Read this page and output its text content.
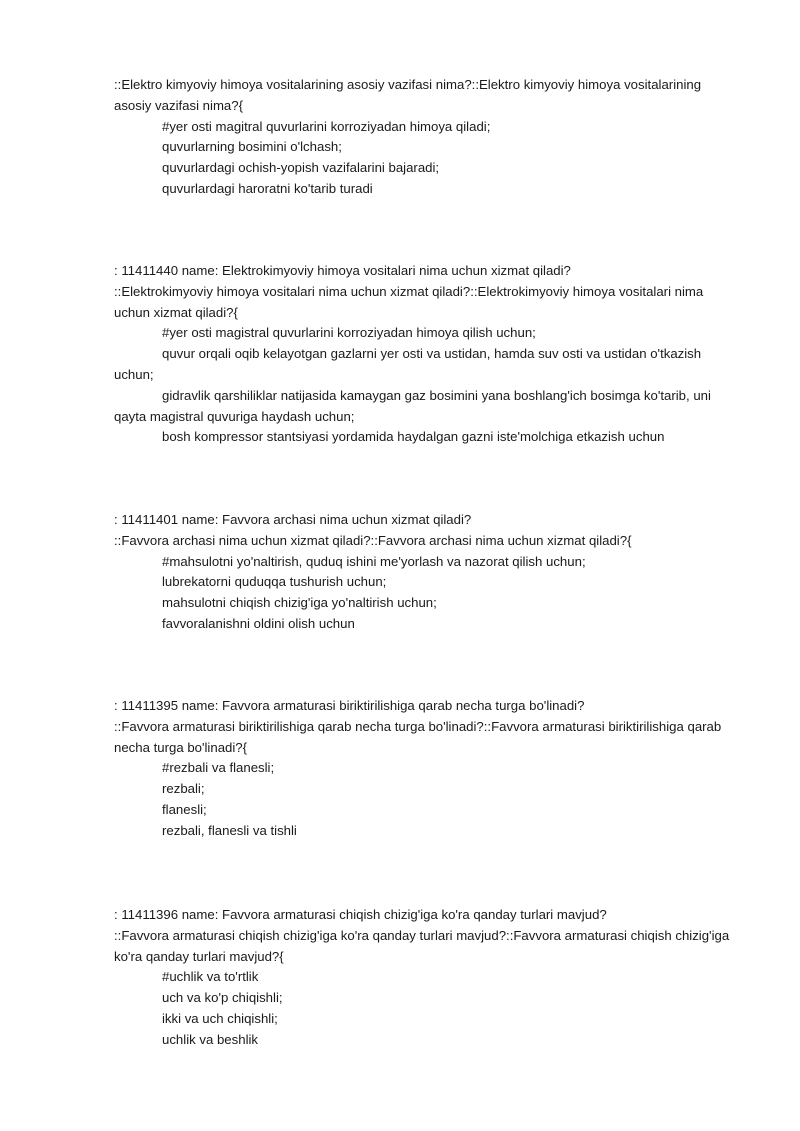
::Elektro kimyoviy himoya vositalarining asosiy vazifasi nima?::Elektro kimyoviy himoya vositalarining asosiy vazifasi nima?{
#yer osti magitral quvurlarini korroziyadan himoya qiladi;
quvurlarning bosimini o'lchash;
quvurlardagi ochish-yopish vazifalarini bajaradi;
quvurlardagi haroratni ko'tarib turadi
: 11411440 name: Elektrokimyoviy himoya vositalari nima uchun xizmat qiladi?
::Elektrokimyoviy himoya vositalari nima uchun xizmat qiladi?::Elektrokimyoviy himoya vositalari nima uchun xizmat qiladi?{
#yer osti magistral quvurlarini korroziyadan himoya qilish uchun;
quvur orqali oqib kelayotgan gazlarni yer osti va ustidan, hamda suv osti va ustidan o'tkazish uchun;
gidravlik qarshiliklar natijasida kamaygan gaz bosimini yana boshlang'ich bosimga ko'tarib, uni qayta magistral quvuriga haydash uchun;
bosh kompressor stantsiyasi yordamida haydalgan gazni iste'molchiga etkazish uchun
: 11411401 name: Favvora archasi nima uchun xizmat qiladi?
::Favvora archasi nima uchun xizmat qiladi?::Favvora archasi nima uchun xizmat qiladi?{
#mahsulotni yo'naltirish, quduq ishini me'yorlash va nazorat qilish uchun;
lubrekatorni quduqqa tushurish uchun;
mahsulotni chiqish chizig'iga yo'naltirish uchun;
favvoralanishni oldini olish uchun
: 11411395 name: Favvora armaturasi biriktirilishiga qarab necha turga bo'linadi?
::Favvora armaturasi biriktirilishiga qarab necha turga bo'linadi?::Favvora armaturasi biriktirilishiga qarab necha turga bo'linadi?{
#rezbali va flanesli;
rezbali;
flanesli;
rezbali, flanesli va tishli
: 11411396 name: Favvora armaturasi chiqish chizig'iga ko'ra qanday turlari mavjud?
::Favvora armaturasi chiqish chizig'iga ko'ra qanday turlari mavjud?::Favvora armaturasi chiqish chizig'iga ko'ra qanday turlari mavjud?{
#uchlik va to'rtlik
uch va ko'p chiqishli;
ikki va uch chiqishli;
uchlik va beshlik
